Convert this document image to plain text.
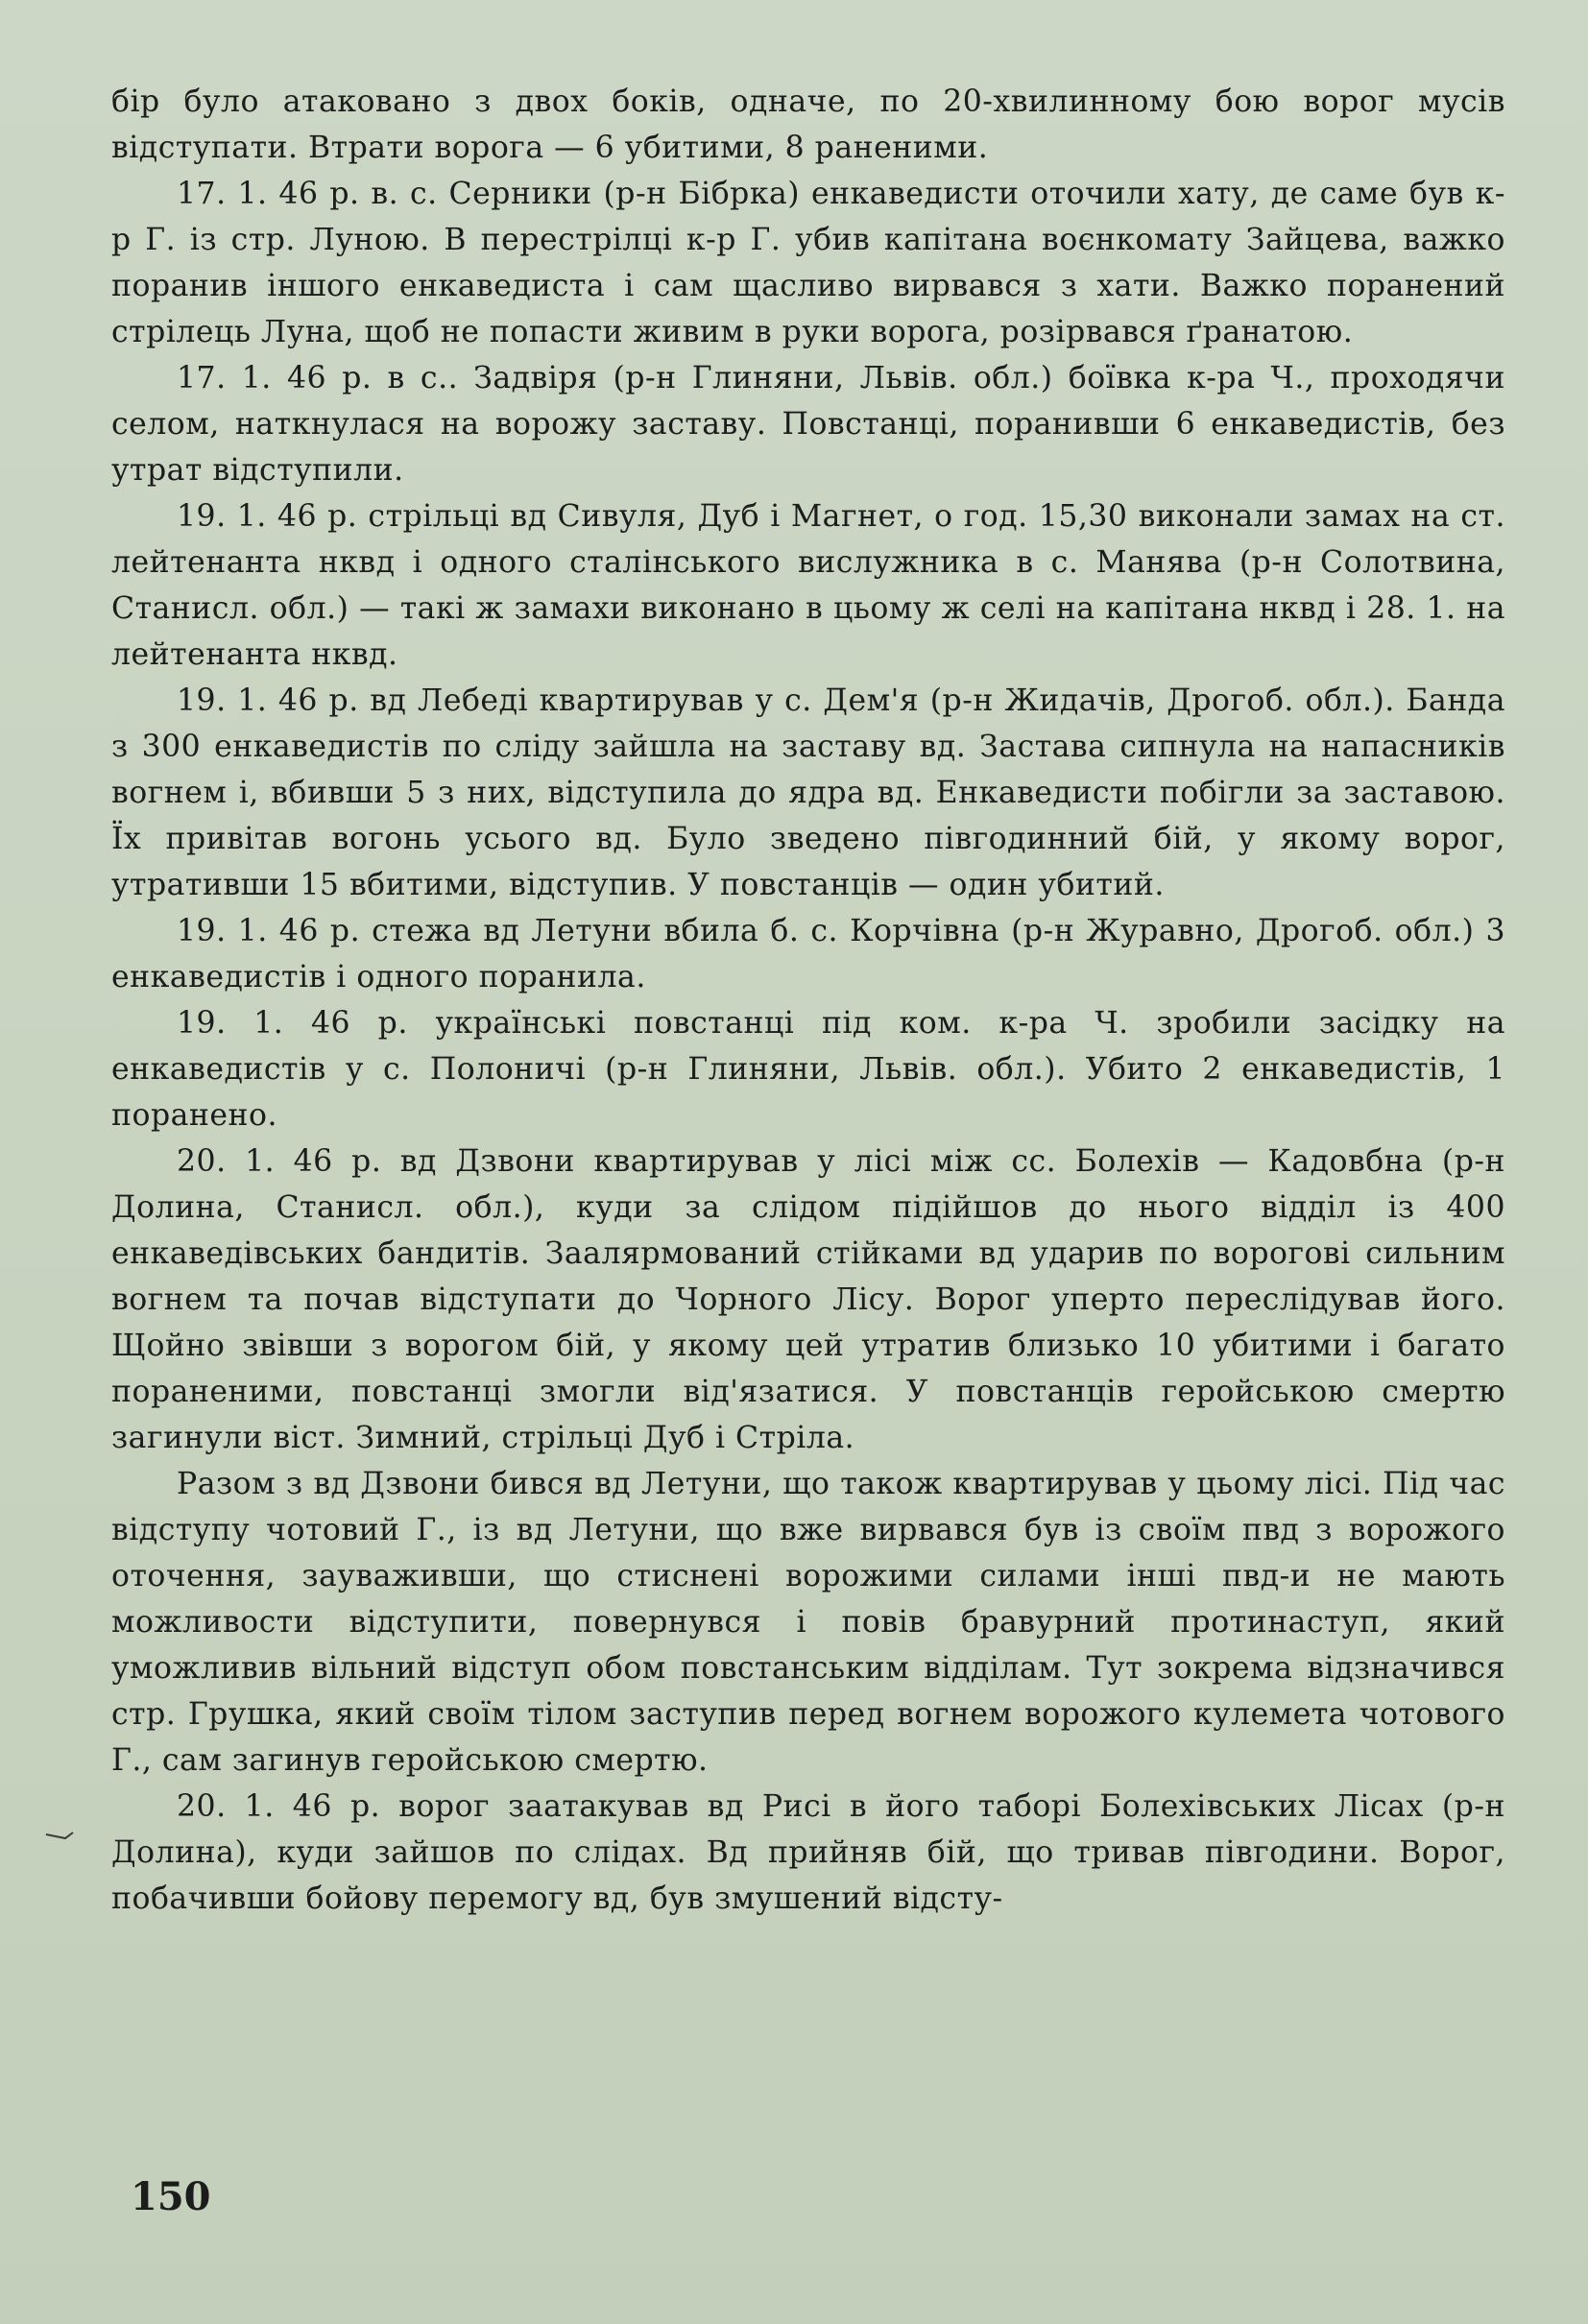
бір було атаковано з двох боків, одначе, по 20-хвилинному бою ворог мусів відступати. Втрати ворога — 6 убитими, 8 раненими.

17. 1. 46 р. в. с. Серники (р-н Бібрка) енкаведисти оточили хату, де саме був к-р Г. із стр. Луною. В перестрілці к-р Г. убив капітана воєнкомату Зайцева, важко поранив іншого енкаведиста і сам щасливо вирвався з хати. Важко поранений стрілець Луна, щоб не попасти живим в руки ворога, розірвався ґранатою.

17. 1. 46 р. в с.. Задвіря (р-н Глиняни, Львів. обл.) боївка к-ра Ч., проходячи селом, наткнулася на ворожу заставу. Повстанці, поранивши 6 енкаведистів, без утрат відступили.

19. 1. 46 р. стрільці вд Сивуля, Дуб і Магнет, о год. 15,30 виконали замах на ст. лейтенанта нквд і одного сталінського вислужника в с. Манява (р-н Солотвина, Станисл. обл.) — такі ж замахи виконано в цьому ж селі на капітана нквд і 28. 1. на лейтенанта нквд.

19. 1. 46 р. вд Лебеді квартирував у с. Дем'я (р-н Жидачів, Дрогоб. обл.). Банда з 300 енкаведистів по сліду зайшла на заставу вд. Застава сипнула на напасників вогнем і, вбивши 5 з них, відступила до ядра вд. Енкаведисти побігли за заставою. Їх привітав вогонь усього вд. Було зведено півгодинний бій, у якому ворог, утративши 15 вбитими, відступив. У повстанців — один убитий.

19. 1. 46 р. стежа вд Летуни вбила б. с. Корчівна (р-н Журавно, Дрогоб. обл.) 3 енкаведистів і одного поранила.

19. 1. 46 р. українські повстанці під ком. к-ра Ч. зробили засідку на енкаведистів у с. Полоничі (р-н Глиняни, Львів. обл.). Убито 2 енкаведистів, 1 поранено.

20. 1. 46 р. вд Дзвони квартирував у лісі між сс. Болехів — Кадовбна (р-н Долина, Станисл. обл.), куди за слідом підійшов до нього відділ із 400 енкаведівських бандитів. Заалярмований стійками вд ударив по ворогові сильним вогнем та почав відступати до Чорного Лісу. Ворог уперто переслідував його. Щойно звівши з ворогом бій, у якому цей утратив близько 10 убитими і багато пораненими, повстанці змогли від'язатися. У повстанців геройською смертю загинули віст. Зимний, стрільці Дуб і Стріла.

Разом з вд Дзвони бився вд Летуни, що також квартирував у цьому лісі. Під час відступу чотовий Г., із вд Летуни, що вже вирвався був із своїм пвд з ворожого оточення, зауваживши, що стиснені ворожими силами інші пвд-и не мають можливости відступити, повернувся і повів бравурний протинаступ, який уможливив вільний відступ обом повстанським відділам. Тут зокрема відзначився стр. Грушка, який своїм тілом заступив перед вогнем ворожого кулемета чотового Г., сам загинув геройською смертю.

20. 1. 46 р. ворог заатакував вд Рисі в його таборі Болехівських Лісах (р-н Долина), куди зайшов по слідах. Вд прийняв бій, що тривав півгодини. Ворог, побачивши бойову перемогу вд, був змушений відсту-

150
